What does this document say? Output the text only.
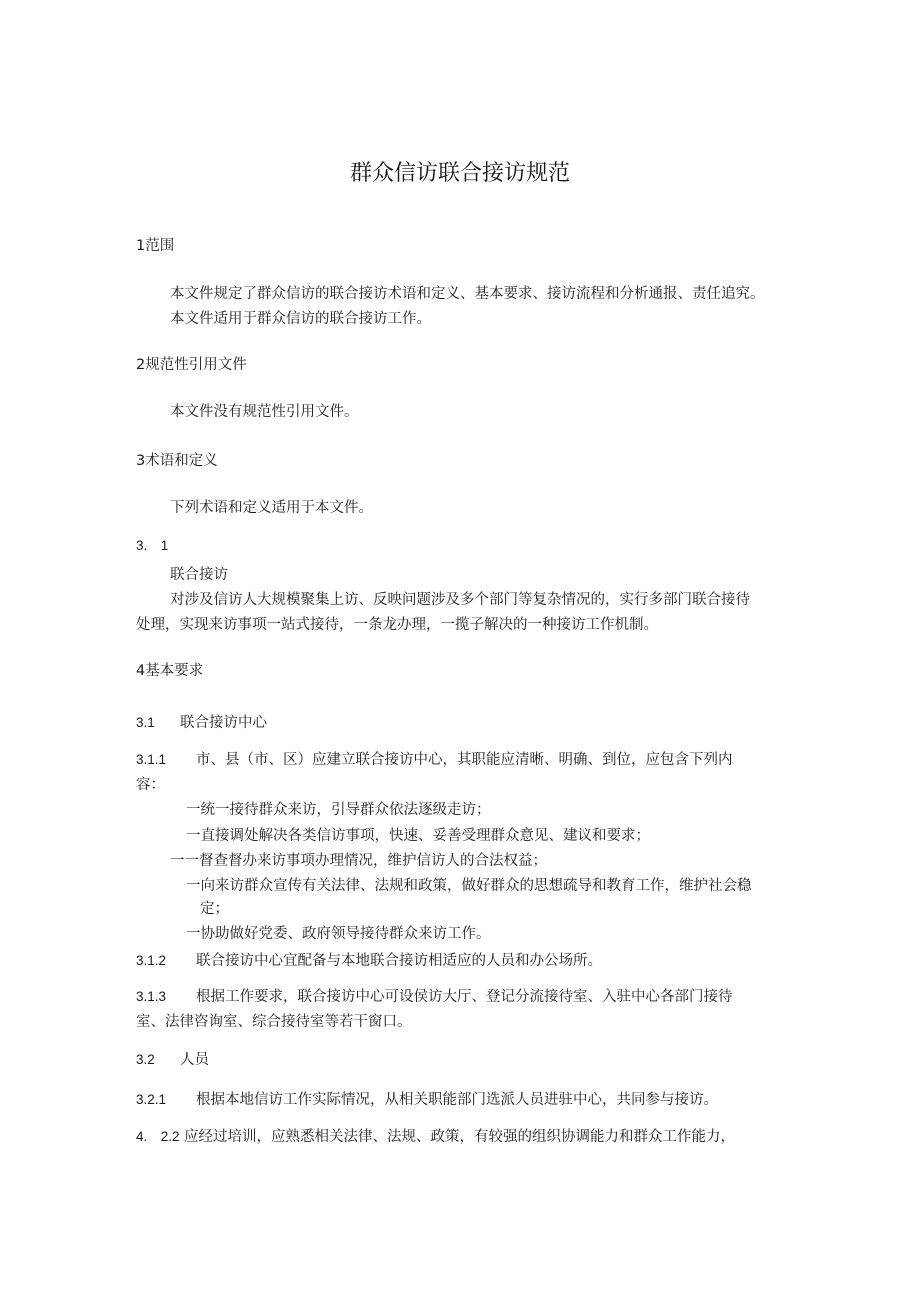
群众信访联合接访规范
1范围
本文件规定了群众信访的联合接访术语和定义、基本要求、接访流程和分析通报、责任追究。
本文件适用于群众信访的联合接访工作。
2规范性引用文件
本文件没有规范性引用文件。
3术语和定义
下列术语和定义适用于本文件。
3.　1
联合接访
对涉及信访人大规模聚集上访、反映问题涉及多个部门等复杂情况的，实行多部门联合接待
处理，实现来访事项一站式接待，一条龙办理，一揽子解决的一种接访工作机制。
4基本要求
3.1 联合接访中心
3.1.1 市、县（市、区）应建立联合接访中心，其职能应清晰、明确、到位，应包含下列内
容：
一统一接待群众来访，引导群众依法逐级走访；
一直接调处解决各类信访事项，快速、妥善受理群众意见、建议和要求；
一一督查督办来访事项办理情况，维护信访人的合法权益；
一向来访群众宣传有关法律、法规和政策，做好群众的思想疏导和教育工作，维护社会稳
定；
一协助做好党委、政府领导接待群众来访工作。
3.1.2 联合接访中心宜配备与本地联合接访相适应的人员和办公场所。
3.1.3 根据工作要求，联合接访中心可设侯访大厅、登记分流接待室、入驻中心各部门接待
室、法律咨询室、综合接待室等若干窗口。
3.2 人员
3.2.1 根据本地信访工作实际情况，从相关职能部门选派人员进驻中心，共同参与接访。
4.　2.2 应经过培训，应熟悉相关法律、法规、政策，有较强的组织协调能力和群众工作能力，
